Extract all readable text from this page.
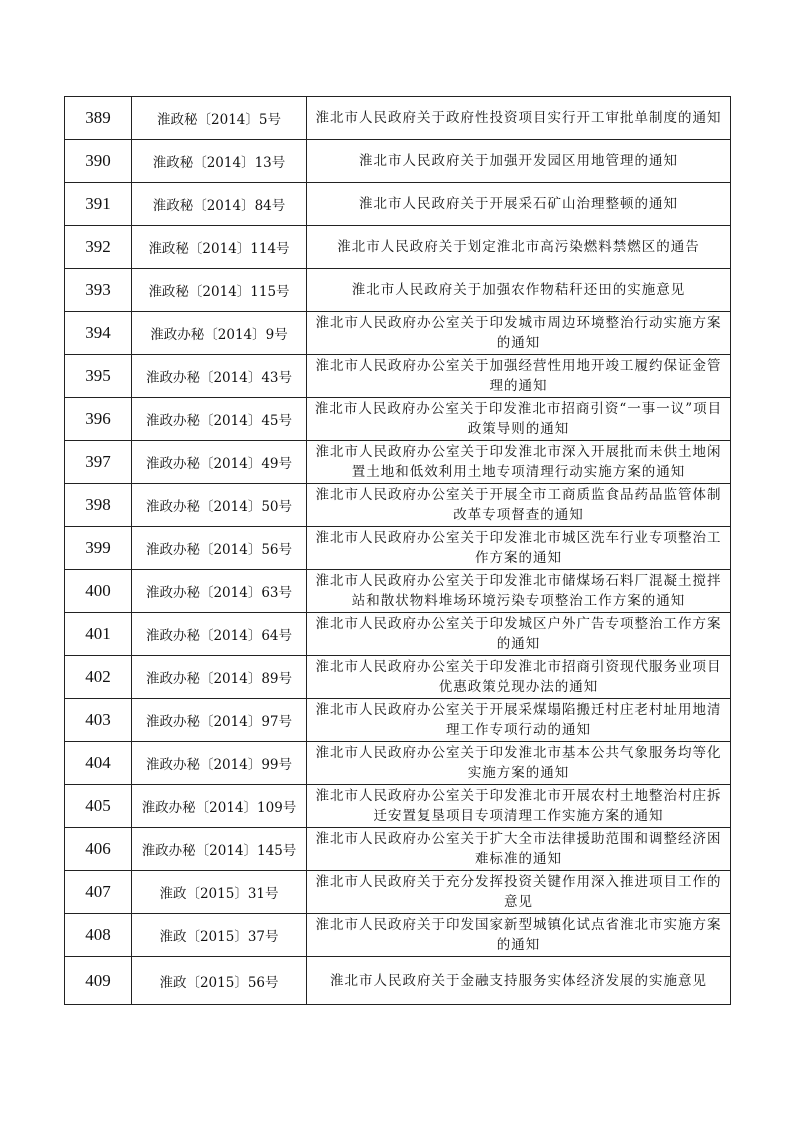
389	淮政秘〔2014〕5号	淮北市人民政府关于政府性投资项目实行开工审批单制度的通知
390	淮政秘〔2014〕13号	淮北市人民政府关于加强开发园区用地管理的通知
391	淮政秘〔2014〕84号	淮北市人民政府关于开展采石矿山治理整顿的通知
392	淮政秘〔2014〕114号	淮北市人民政府关于划定淮北市高污染燃料禁燃区的通告
393	淮政秘〔2014〕115号	淮北市人民政府关于加强农作物秸秆还田的实施意见
394	淮政办秘〔2014〕9号	淮北市人民政府办公室关于印发城市周边环境整治行动实施方案的通知
395	淮政办秘〔2014〕43号	淮北市人民政府办公室关于加强经营性用地开竣工履约保证金管理的通知
396	淮政办秘〔2014〕45号	淮北市人民政府办公室关于印发淮北市招商引资“一事一议”项目政策导则的通知
397	淮政办秘〔2014〕49号	淮北市人民政府办公室关于印发淮北市深入开展批而未供土地闲置土地和低效利用土地专项清理行动实施方案的通知
398	淮政办秘〔2014〕50号	淮北市人民政府办公室关于开展全市工商质监食品药品监管体制改革专项督查的通知
399	淮政办秘〔2014〕56号	淮北市人民政府办公室关于印发淮北市城区洗车行业专项整治工作方案的通知
400	淮政办秘〔2014〕63号	淮北市人民政府办公室关于印发淮北市储煤场石料厂混凝土搅拌站和散状物料堆场环境污染专项整治工作方案的通知
401	淮政办秘〔2014〕64号	淮北市人民政府办公室关于印发城区户外广告专项整治工作方案的通知
402	淮政办秘〔2014〕89号	淮北市人民政府办公室关于印发淮北市招商引资现代服务业项目优惠政策兑现办法的通知
403	淮政办秘〔2014〕97号	淮北市人民政府办公室关于开展采煤塌陷搬迁村庄老村址用地清理工作专项行动的通知
404	淮政办秘〔2014〕99号	淮北市人民政府办公室关于印发淮北市基本公共气象服务均等化实施方案的通知
405	淮政办秘〔2014〕109号	淮北市人民政府办公室关于印发淮北市开展农村土地整治村庄拆迁安置复垦项目专项清理工作实施方案的通知
406	淮政办秘〔2014〕145号	淮北市人民政府办公室关于扩大全市法律援助范围和调整经济困难标准的通知
407	淮政〔2015〕31号	淮北市人民政府关于充分发挥投资关键作用深入推进项目工作的意见
408	淮政〔2015〕37号	淮北市人民政府关于印发国家新型城镇化试点省淮北市实施方案的通知
409	淮政〔2015〕56号	淮北市人民政府关于金融支持服务实体经济发展的实施意见
